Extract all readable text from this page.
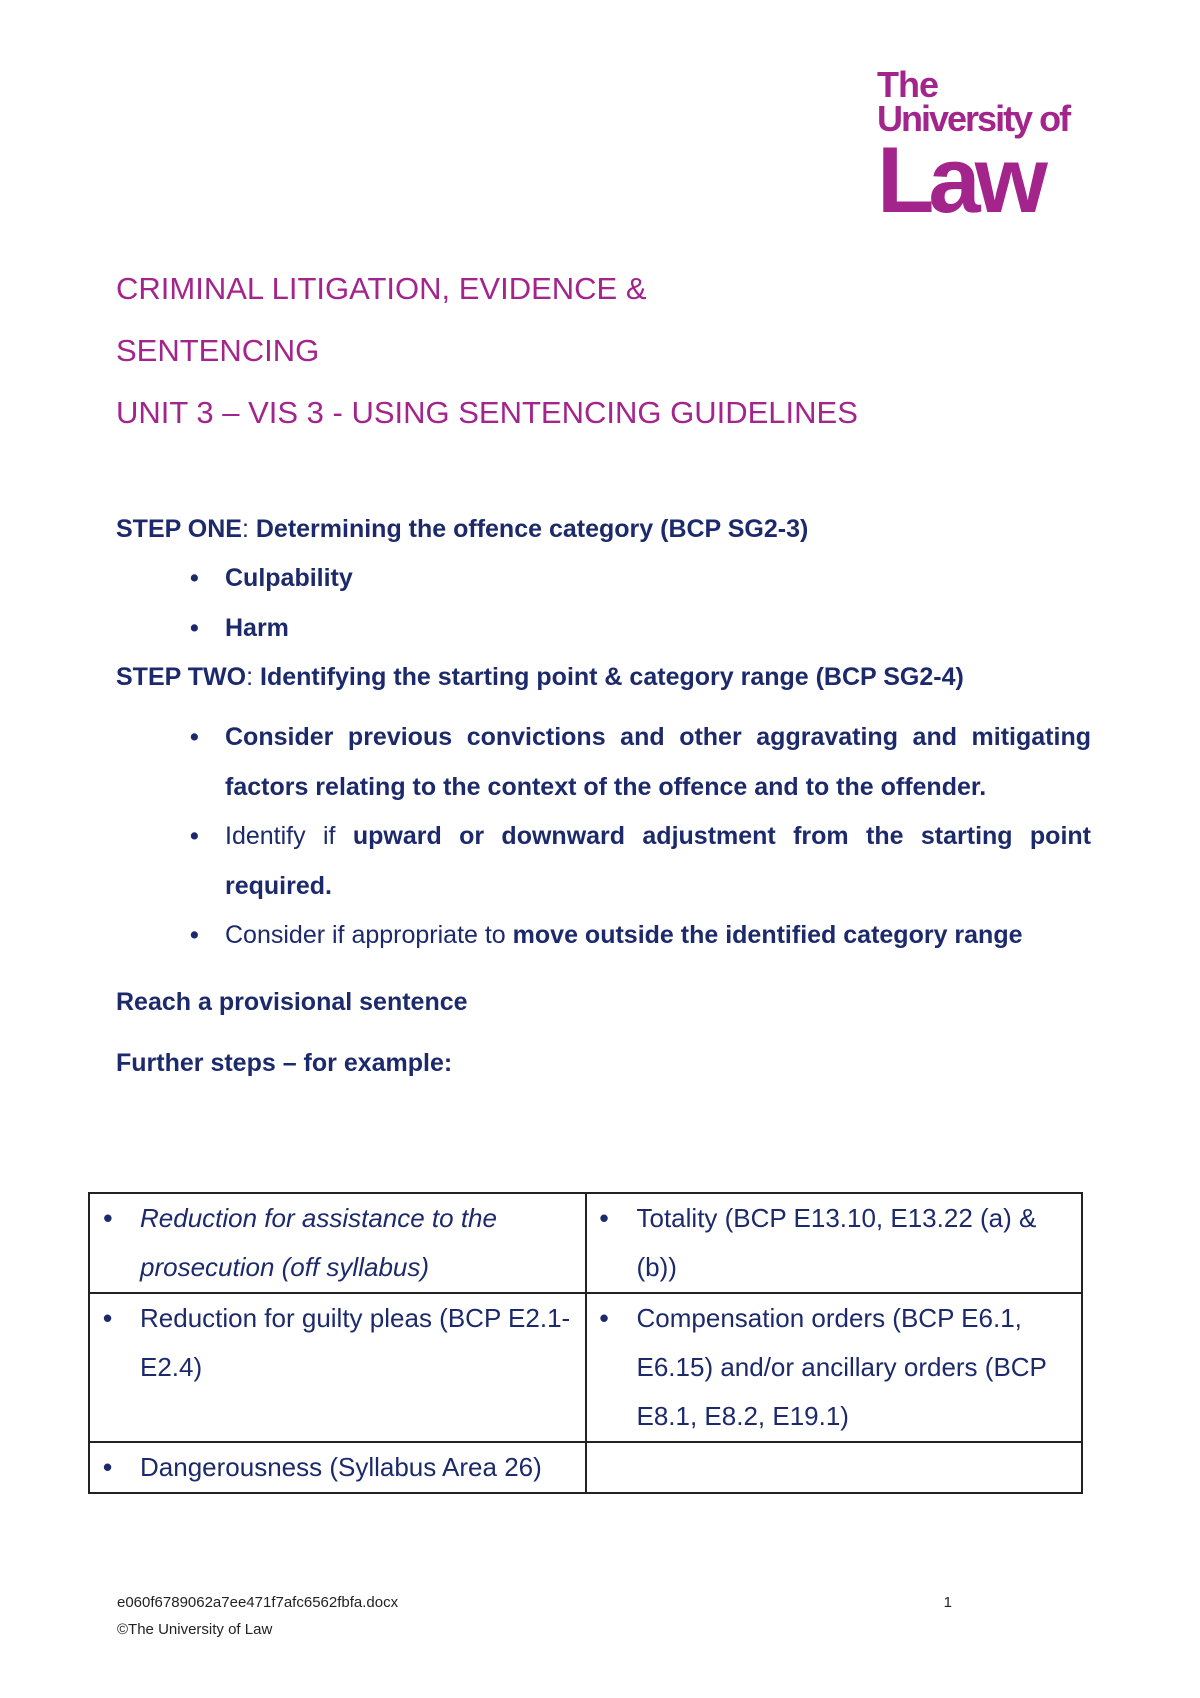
The
University of
Law
CRIMINAL LITIGATION, EVIDENCE &
SENTENCING
UNIT 3 – VIS 3 - USING SENTENCING GUIDELINES
STEP ONE: Determining the offence category (BCP SG2-3)
• Culpability
• Harm
STEP TWO: Identifying the starting point & category range (BCP SG2-4)
• Consider previous convictions and other aggravating and mitigating factors relating to the context of the offence and to the offender.
• Identify if upward or downward adjustment from the starting point required.
• Consider if appropriate to move outside the identified category range
Reach a provisional sentence
Further steps – for example:
• Reduction for assistance to the prosecution (off syllabus)	• Totality (BCP E13.10, E13.22 (a) & (b))

• Reduction for guilty pleas (BCP E2.1-E2.4)	• Compensation orders (BCP E6.1, E6.15) and/or ancillary orders (BCP E8.1, E8.2, E19.1)

• Dangerousness (Syllabus Area 26)	

e060f6789062a7ee471f7afc6562fbfa.docx	1
©The University of Law
